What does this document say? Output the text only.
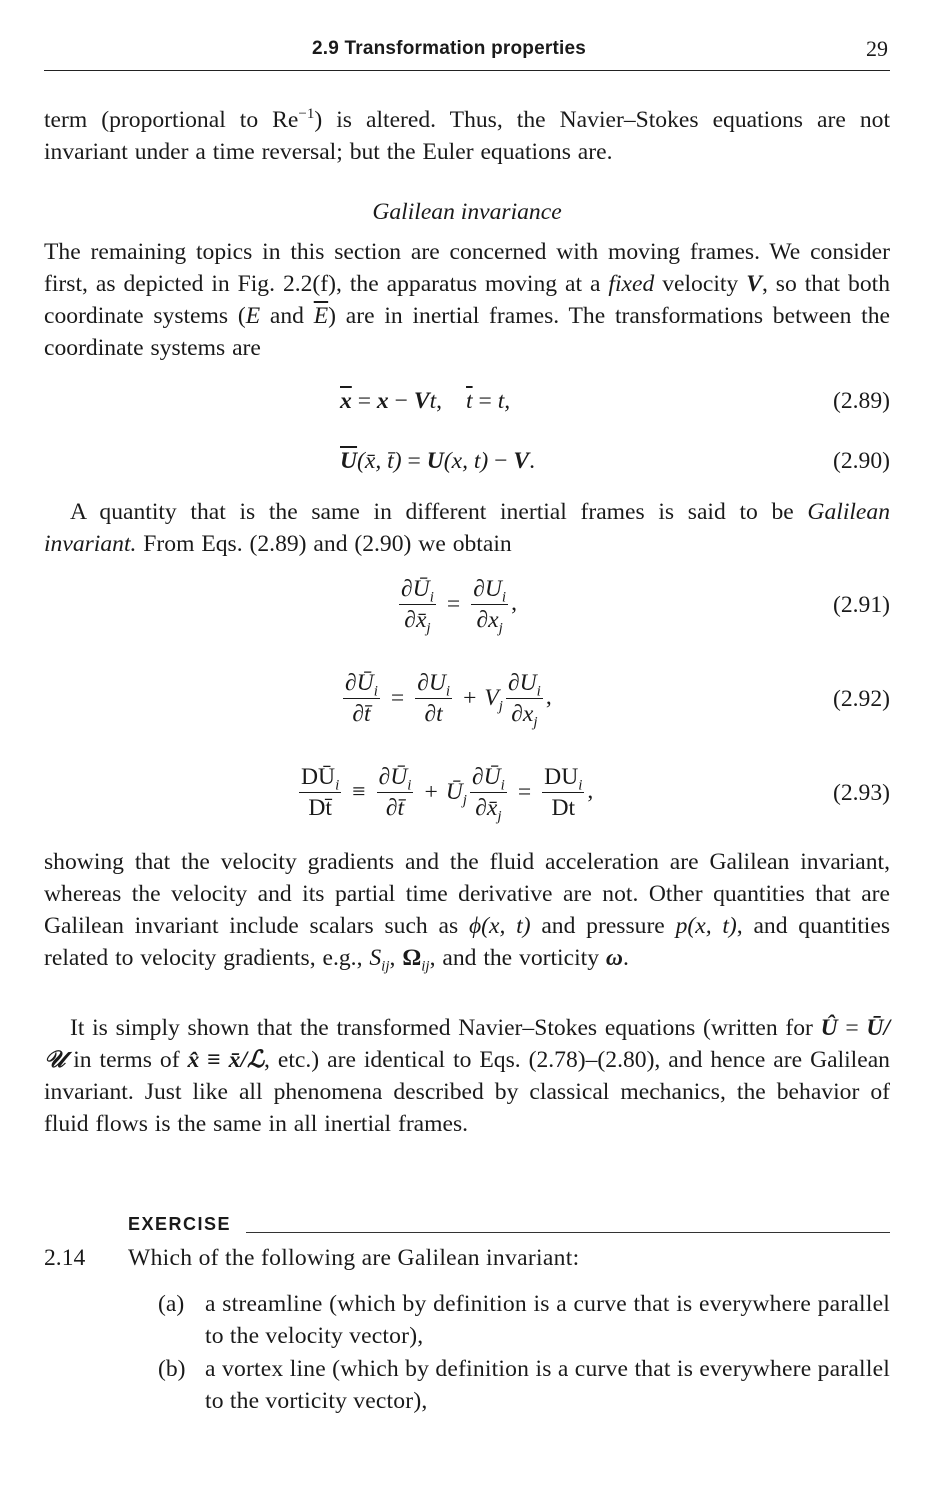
2.9 Transformation properties	29

term (proportional to $Re^{-1}$) is altered. Thus, the Navier–Stokes equations are not invariant under a time reversal; but the Euler equations are.

Galilean invariance

The remaining topics in this section are concerned with moving frames. We consider first, as depicted in Fig. 2.2(f), the apparatus moving at a fixed velocity V, so that both coordinate systems (E and $\overline{E}$) are in inertial frames. The transformations between the coordinate systems are

$\overline{x} = x - Vt$, $\overline{t} = t$,	(2.89)
$\overline{U}(x̄$, t̄) = U(x, t) − V.	(2.90)

A quantity that is the same in different inertial frames is said to be Galilean invariant. From Eqs. (2.89) and (2.90) we obtain

$\frac{\partial Ū_i}{\partial x̄_j} = \frac{\partial U_i}{\partial x_j}$ ,	(2.91)
$\frac{\partial Ū_i}{\partial t̄} = \frac{\partial U_i}{\partial t} + V_j \frac{\partial U_i}{\partial x_j}$ ,	(2.92)
$\frac{DŪ_i}{Dt̄} \equiv \frac{\partial Ū_i}{\partial t̄}$ + $Ū_j \frac{\partial Ū_i}{\partial x̄_j} = \frac{DU_i}{Dt}$ ,	(2.93)

showing that the velocity gradients and the fluid acceleration are Galilean invariant, whereas the velocity and its partial time derivative are not. Other quantities that are Galilean invariant include scalars such as ϕ(x, t) and pressure p(x, t), and quantities related to velocity gradients, e.g., $S_{ij}$, $\Omega_{ij}$, and the vorticity ω.

It is simply shown that the transformed Navier–Stokes equations (written for Û = Ū/𝒰 in terms of x̂ ≡ x̄/ℒ, etc.) are identical to Eqs. (2.78)–(2.80), and hence are Galilean invariant. Just like all phenomena described by classical mechanics, the behavior of fluid flows is the same in all inertial frames.

EXERCISE
2.14 Which of the following are Galilean invariant:
(a) a streamline (which by definition is a curve that is everywhere parallel to the velocity vector),
(b) a vortex line (which by definition is a curve that is everywhere parallel to the vorticity vector),
